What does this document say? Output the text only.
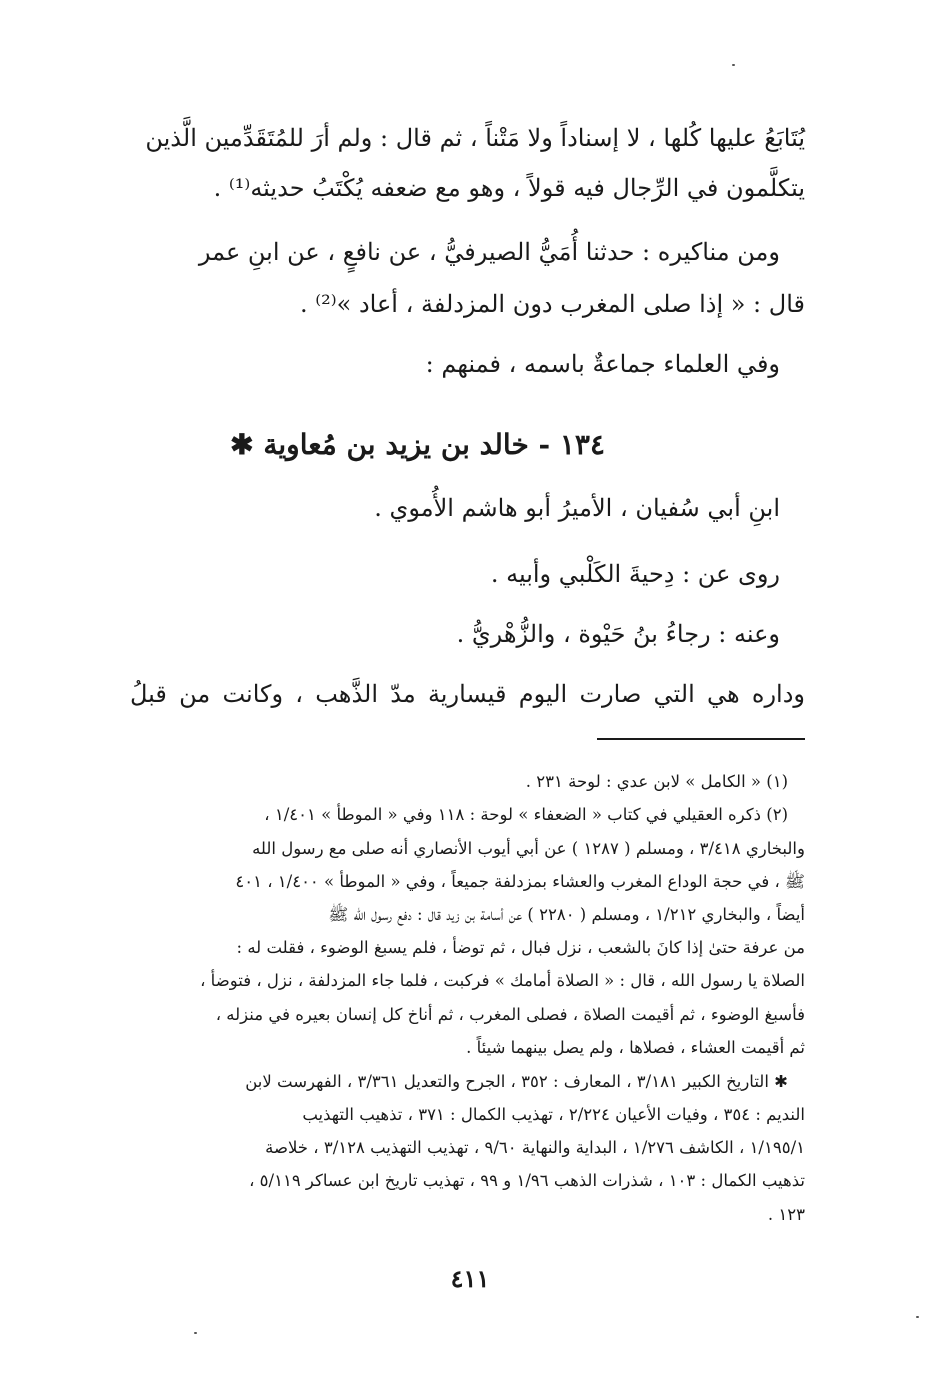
يُتَابَعُ عليها كُلها ، لا إسناداً ولا مَتْناً ، ثم قال : ولم أرَ للمُتَقَدِّمين الَّذين
يتكلَّمون في الرِّجال فيه قولاً ، وهو مع ضعفه يُكْتَبُ حديثه⁽¹⁾ .
ومن مناكيره : حدثنا أُمَيُّ الصيرفيُّ ، عن نافعٍ ، عن ابنِ عمر
قال : « إذا صلى المغرب دون المزدلفة ، أعاد »⁽²⁾ .
وفي العلماء جماعةٌ باسمه ، فمنهم :
١٣٤ - خالد بن يزيد بن مُعاوية ✱
ابنِ أبي سُفيان ، الأميرُ أبو هاشم الأُموي .
روى عن : دِحيةَ الكَلْبي وأبيه .
وعنه : رجاءُ بنُ حَيْوة ، والزُّهْريُّ .
وداره هي التي صارت اليوم قيسارية مدّ الذَّهب ، وكانت من قبلُ
(١) « الكامل » لابن عدي : لوحة ٢٣١ .
(٢) ذكره العقيلي في كتاب « الضعفاء » لوحة : ١١٨ وفي « الموطأ » ١/٤٠١ ،
والبخاري ٣/٤١٨ ، ومسلم ( ١٢٨٧ ) عن أبي أيوب الأنصاري أنه صلى مع رسول الله
ﷺ ، في حجة الوداع المغرب والعشاء بمزدلفة جميعاً ، وفي « الموطأ » ١/٤٠٠ ، ٤٠١
أيضاً ، والبخاري ١/٢١٢ ، ومسلم ( ٢٢٨٠ ) عن أسامة بن زيد قال : دفع رسول الله ﷺ
من عرفة حتىٰ إذا كانَ بالشعب ، نزل فبال ، ثم توضأ ، فلم يسبغ الوضوء ، فقلت له :
الصلاة يا رسول الله ، قال : « الصلاة أمامك » فركبت ، فلما جاء المزدلفة ، نزل ، فتوضأ ،
فأسبغ الوضوء ، ثم أقيمت الصلاة ، فصلى المغرب ، ثم أناخ كل إنسان بعيره في منزله ،
ثم أقيمت العشاء ، فصلاها ، ولم يصل بينهما شيئاً .
✱ التاريخ الكبير ٣/١٨١ ، المعارف : ٣٥٢ ، الجرح والتعديل ٣/٣٦١ ، الفهرست لابن
النديم : ٣٥٤ ، وفيات الأعيان ٢/٢٢٤ ، تهذيب الكمال : ٣٧١ ، تذهيب التهذيب
١/١٩٥/١ ، الكاشف ١/٢٧٦ ، البداية والنهاية ٩/٦٠ ، تهذيب التهذيب ٣/١٢٨ ، خلاصة
تذهيب الكمال : ١٠٣ ، شذرات الذهب ١/٩٦ و ٩٩ ، تهذيب تاريخ ابن عساكر ٥/١١٩ ،
١٢٣ .
٤١١
